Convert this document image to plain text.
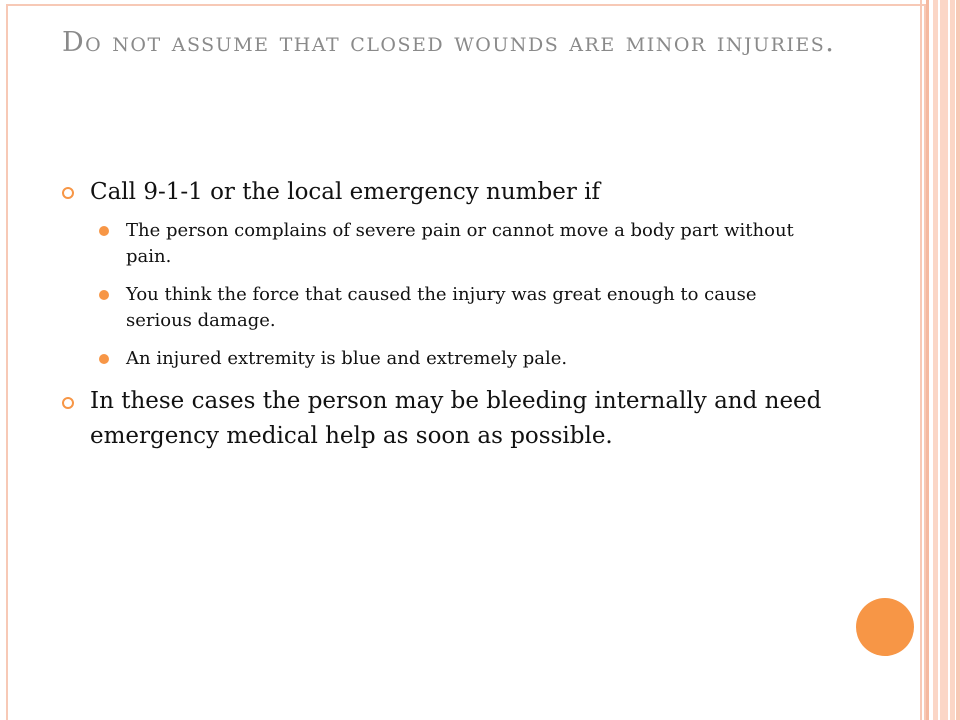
Do not assume that closed wounds are minor injuries.
Call 9-1-1 or the local emergency number if
The person complains of severe pain or cannot move a body part without pain.
You think the force that caused the injury was great enough to cause serious damage.
An injured extremity is blue and extremely pale.
In these cases the person may be bleeding internally and need emergency medical help as soon as possible.
